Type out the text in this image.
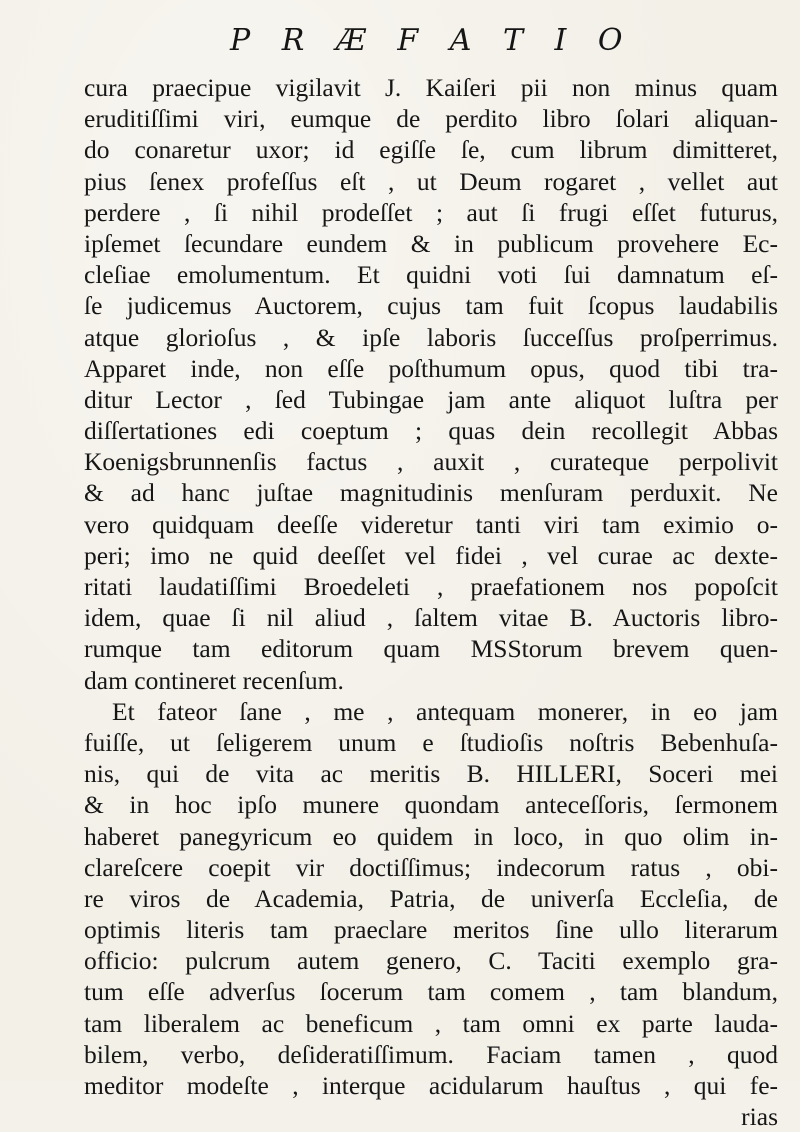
P R Æ F A T I O
cura praecipue vigilavit J. Kaiſeri pii non minus quam
eruditiſſimi viri, eumque de perdito libro ſolari aliquan-
do conaretur uxor; id egiſſe ſe, cum librum dimitteret,
pius ſenex profeſſus eſt , ut Deum rogaret , vellet aut
perdere , ſi nihil prodeſſet ; aut ſi frugi eſſet futurus,
ipſemet ſecundare eundem & in publicum provehere Ec-
cleſiae emolumentum. Et quidni voti ſui damnatum eſ-
ſe judicemus Auctorem, cujus tam fuit ſcopus laudabilis
atque glorioſus , & ipſe laboris ſucceſſus proſperrimus.
Apparet inde, non eſſe poſthumum opus, quod tibi tra-
ditur Lector , ſed Tubingae jam ante aliquot luſtra per
diſſertationes edi coeptum ; quas dein recollegit Abbas
Koenigsbrunnenſis factus , auxit , curateque perpolivit
& ad hanc juſtae magnitudinis menſuram perduxit. Ne
vero quidquam deeſſe videretur tanti viri tam eximio o-
peri; imo ne quid deeſſet vel fidei , vel curae ac dexte-
ritati laudatiſſimi Broedeleti , praefationem nos popoſcit
idem, quae ſi nil aliud , ſaltem vitae B. Auctoris libro-
rumque tam editorum quam MSStorum brevem quen-
dam contineret recenſum.
Et fateor ſane , me , antequam monerer, in eo jam
fuiſſe, ut ſeligerem unum e ſtudioſis noſtris Bebenhuſa-
nis, qui de vita ac meritis B. HILLERI, Soceri mei
& in hoc ipſo munere quondam anteceſſoris, ſermonem
haberet panegyricum eo quidem in loco, in quo olim in-
clareſcere coepit vir doctiſſimus; indecorum ratus , obi-
re viros de Academia, Patria, de univerſa Eccleſia, de
optimis literis tam praeclare meritos ſine ullo literarum
officio: pulcrum autem genero, C. Taciti exemplo gra-
tum eſſe adverſus ſocerum tam comem , tam blandum,
tam liberalem ac beneficum , tam omni ex parte lauda-
bilem, verbo, deſideratiſſimum. Faciam tamen , quod
meditor modeſte , interque acidularum hauſtus , qui fe-
rias
